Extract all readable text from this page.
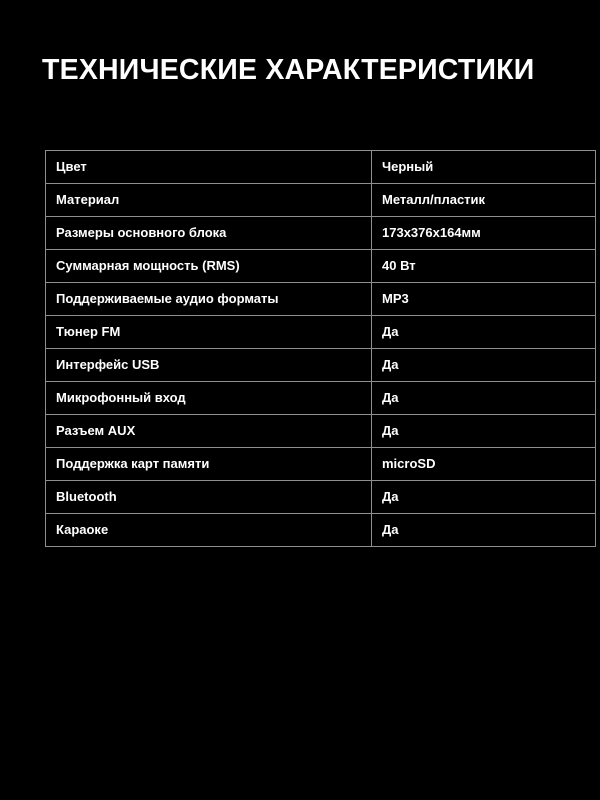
ТЕХНИЧЕСКИЕ ХАРАКТЕРИСТИКИ
Цвет	Черный
Материал	Металл/пластик
Размеры основного блока	173x376x164мм
Суммарная мощность (RMS)	40 Вт
Поддерживаемые аудио форматы	MP3
Тюнер FM	Да
Интерфейс USB	Да
Микрофонный вход	Да
Разъем AUX	Да
Поддержка карт памяти	microSD
Bluetooth	Да
Караоке	Да
